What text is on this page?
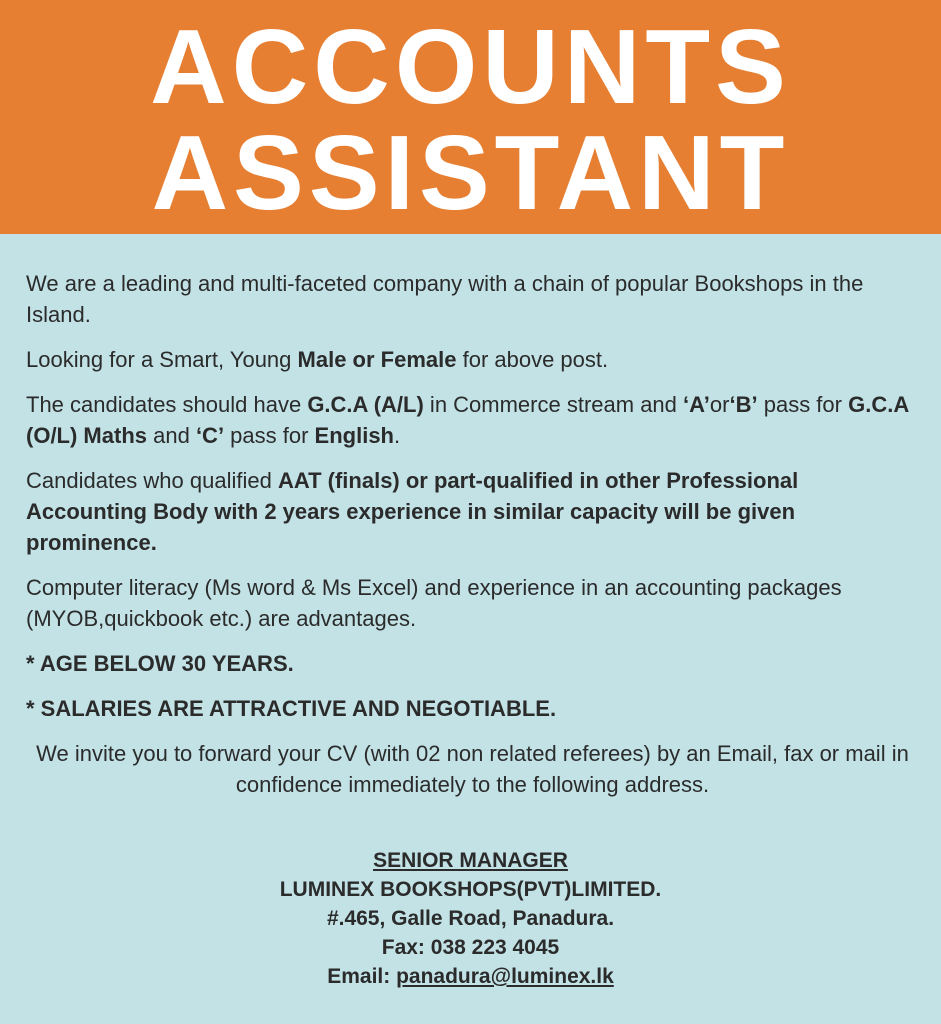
ACCOUNTS
ASSISTANT

We are a leading and multi-faceted company with a chain of popular Bookshops in the Island.

Looking for a Smart, Young Male or Female for above post.

The candidates should have G.C.A (A/L) in Commerce stream and ‘A’or‘B’ pass for G.C.A (O/L) Maths and ‘C’ pass for English.

Candidates who qualified AAT (finals) or part-qualified in other Professional Accounting Body with 2 years experience in similar capacity will be given prominence.

Computer literacy (Ms word & Ms Excel) and experience in an accounting packages (MYOB,quickbook etc.) are advantages.

* AGE BELOW 30 YEARS.

* SALARIES ARE ATTRACTIVE AND NEGOTIABLE.

We invite you to forward your CV (with 02 non related referees) by an Email, fax or mail in confidence immediately to the following address.

SENIOR MANAGER
LUMINEX BOOKSHOPS(PVT)LIMITED.
#.465, Galle Road, Panadura.
Fax: 038 223 4045
Email: panadura@luminex.lk
